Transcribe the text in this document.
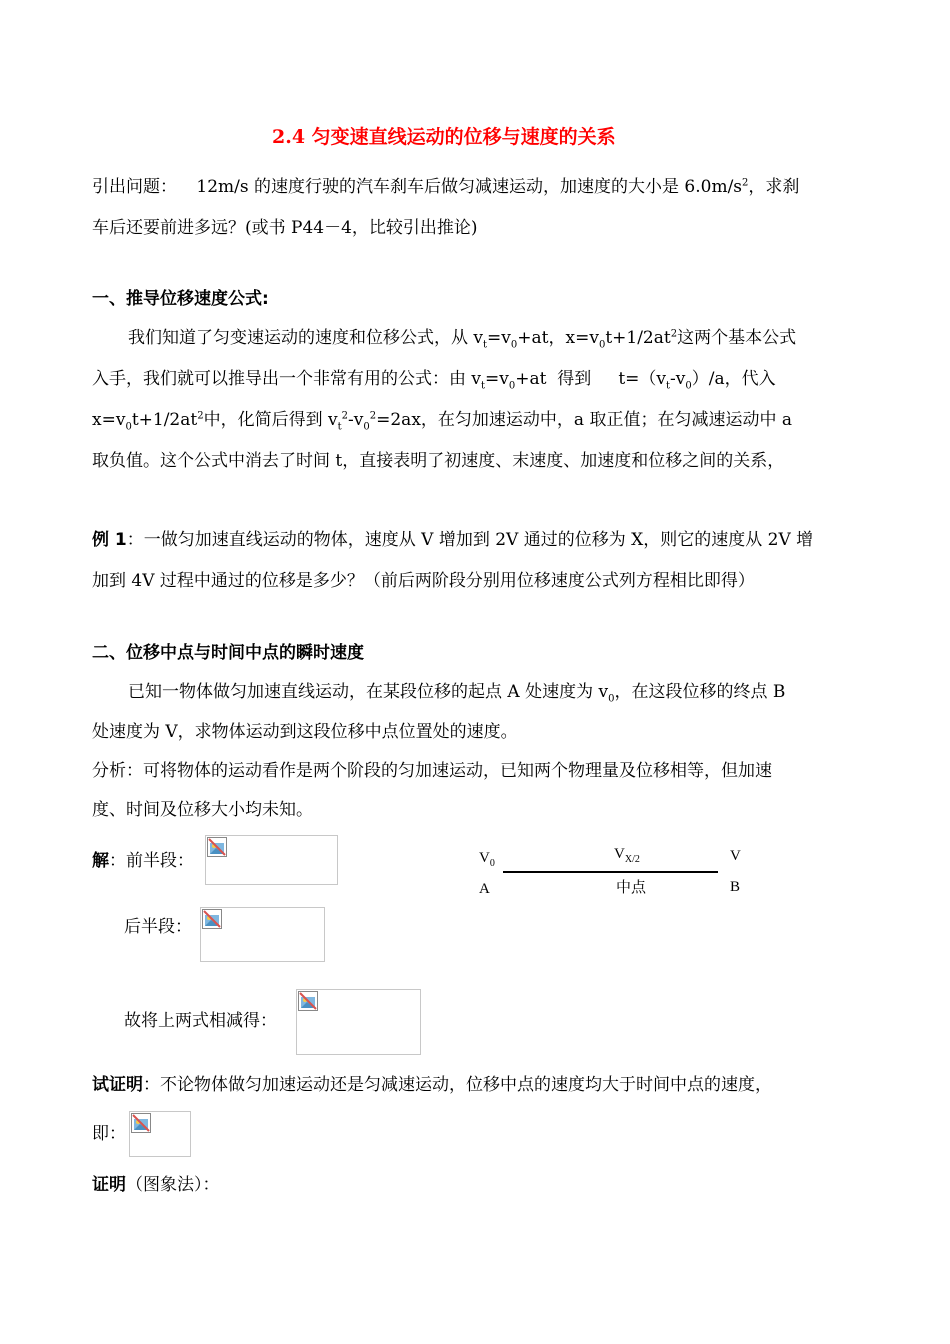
2.4 匀变速直线运动的位移与速度的关系
引出问题： 12m/s 的速度行驶的汽车刹车后做匀减速运动，加速度的大小是 $6.0m/s^2$，求刹
车后还要前进多远？(或书 P44－4，比较引出推论)
一、推导位移速度公式:
我们知道了匀变速运动的速度和位移公式，从 $v_t=v_0+at$，$x=v_0t+1/2at^2$这两个基本公式
入手，我们就可以推导出一个非常有用的公式：由 $v_t=v_0+at$  得到     $t=(v_t-v_0)/a$，代入
$x=v_0t+1/2at^2$中，化简后得到 $v_t^2-v_0^2=2ax$，在匀加速运动中，a 取正值；在匀减速运动中 a
取负值。这个公式中消去了时间 t，直接表明了初速度、末速度、加速度和位移之间的关系，
例 1：一做匀加速直线运动的物体，速度从 V 增加到 2V 通过的位移为 X，则它的速度从 2V 增
加到 4V 过程中通过的位移是多少？（前后两阶段分别用位移速度公式列方程相比即得）
二、位移中点与时间中点的瞬时速度
已知一物体做匀加速直线运动，在某段位移的起点 A 处速度为 $v_0$，在这段位移的终点 B
处速度为 V，求物体运动到这段位移中点位置处的速度。
分析：可将物体的运动看作是两个阶段的匀加速运动，已知两个物理量及位移相等，但加速
度、时间及位移大小均未知。
解：前半段：
后半段：
故将上两式相减得：
$V_0$
$V_{X/2}$	V
A	中点	B
试证明：不论物体做匀加速运动还是匀减速运动，位移中点的速度均大于时间中点的速度，
即：
证明（图象法）：
